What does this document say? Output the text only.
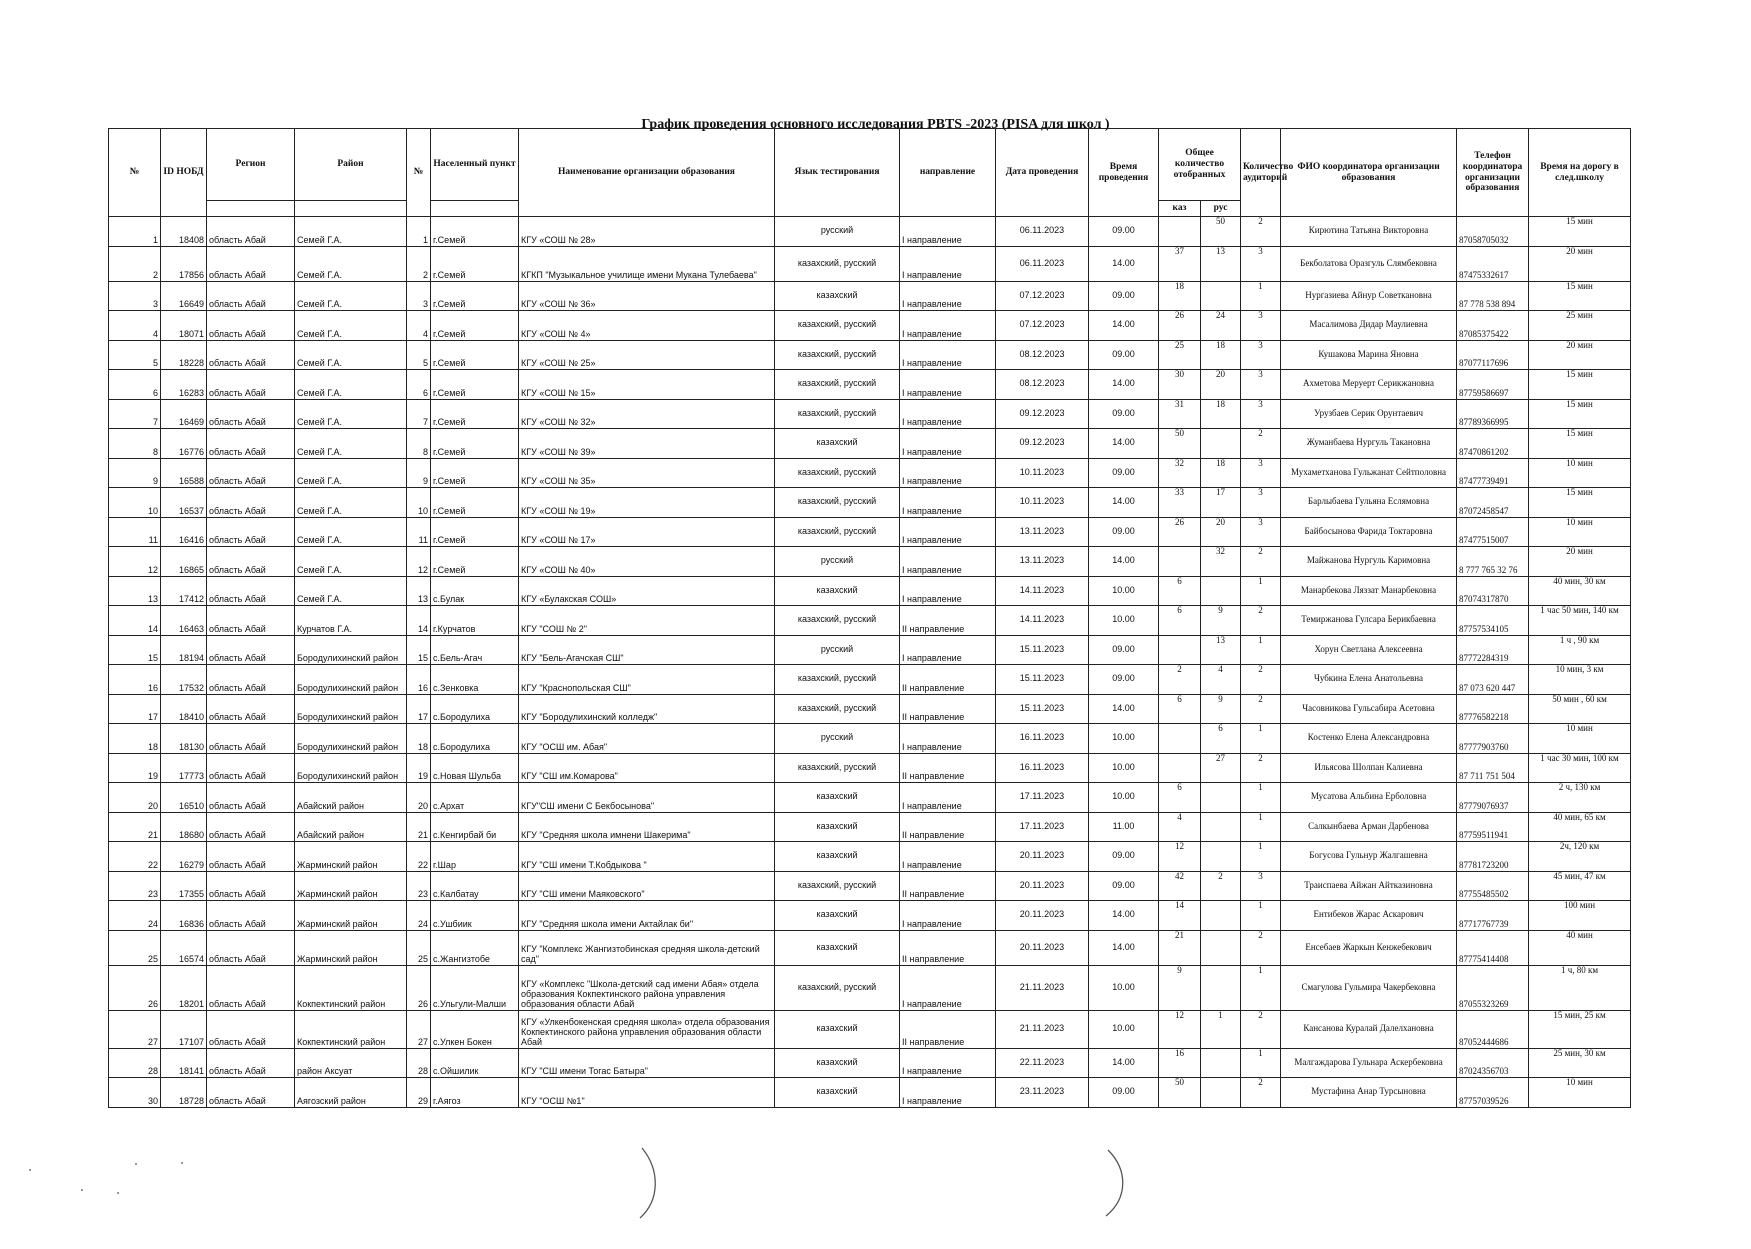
График проведения основного исследования PBTS -2023 (PISA для школ )
№	ID НОБД	Регион	Район	№	Населенный пункт	Наименование организации образования	Язык тестирования	направление	Дата проведения	Время проведения	Общее количество отобранных		Количество аудиторий	ФИО координатора организации образования	Телефон координатора организации образования	Время на дорогу в след.школу
											каз	рус				
1	18408	область Абай	Семей Г.А.	1	г.Семей	КГУ «СОШ № 28»	русский	I направление	06.11.2023	09.00		50	2	Кирютина Татьяна Викторовна	87058705032	15 мин
2	17856	область Абай	Семей Г.А.	2	г.Семей	КГКП "Музыкальное училище имени Мукана Тулебаева"	казахский, русский	I направление	06.11.2023	14.00	37	13	3	Бекболатова Оразгуль Слямбековна	87475332617	20 мин
3	16649	область Абай	Семей Г.А.	3	г.Семей	КГУ «СОШ № 36»	казахский	I направление	07.12.2023	09.00	18		1	Нургазиева Айнур Советкановна	87 778 538 894	15 мин
4	18071	область Абай	Семей Г.А.	4	г.Семей	КГУ «СОШ № 4»	казахский, русский	I направление	07.12.2023	14.00	26	24	3	Масалимова Дидар Маулиевна	87085375422	25 мин
5	18228	область Абай	Семей Г.А.	5	г.Семей	КГУ «СОШ № 25»	казахский, русский	I направление	08.12.2023	09.00	25	18	3	Кушакова Марина Яновна	87077117696	20 мин
6	16283	область Абай	Семей Г.А.	6	г.Семей	КГУ «СОШ № 15»	казахский, русский	I направление	08.12.2023	14.00	30	20	3	Ахметова Меруерт Серикжановна	87759586697	15 мин
7	16469	область Абай	Семей Г.А.	7	г.Семей	КГУ «СОШ № 32»	казахский, русский	I направление	09.12.2023	09.00	31	18	3	Урузбаев Серик Орунтаевич	87789366995	15 мин
8	16776	область Абай	Семей Г.А.	8	г.Семей	КГУ «СОШ № 39»	казахский	I направление	09.12.2023	14.00	50		2	Жуманбаева Нургуль Такановна	87470861202	15 мин
9	16588	область Абай	Семей Г.А.	9	г.Семей	КГУ «СОШ № 35»	казахский, русский	I направление	10.11.2023	09.00	32	18	3	Мухаметханова Гульжанат Сейтполовна	87477739491	10 мин
10	16537	область Абай	Семей Г.А.	10	г.Семей	КГУ «СОШ № 19»	казахский, русский	I направление	10.11.2023	14.00	33	17	3	Барлыбаева Гульяна Еслямовна	87072458547	15 мин
11	16416	область Абай	Семей Г.А.	11	г.Семей	КГУ «СОШ № 17»	казахский, русский	I направление	13.11.2023	09.00	26	20	3	Байбосынова Фарида Токтаровна	87477515007	10 мин
12	16865	область Абай	Семей Г.А.	12	г.Семей	КГУ «СОШ № 40»	русский	I направление	13.11.2023	14.00		32	2	Майжанова Нургуль Каримовна	8 777 765 32 76	20 мин
13	17412	область Абай	Семей Г.А.	13	с.Булак	КГУ «Булакская СОШ»	казахский	I направление	14.11.2023	10.00	6		1	Манарбекова Ляззат Манарбековна	87074317870	40 мин, 30 км
14	16463	область Абай	Курчатов Г.А.	14	г.Курчатов	КГУ "СОШ № 2"	казахский, русский	II направление	14.11.2023	10.00	6	9	2	Темиржанова Гулсара Берикбаевна	87757534105	1 час 50 мин, 140 км
15	18194	область Абай	Бородулихинский район	15	с.Бель-Агач	КГУ "Бель-Агачская СШ"	русский	I направление	15.11.2023	09.00		13	1	Хорун Светлана Алексеевна	87772284319	1 ч , 90 км
16	17532	область Абай	Бородулихинский район	16	с.Зенковка	КГУ "Краснопольская СШ"	казахский, русский	II направление	15.11.2023	09.00	2	4	2	Чубкина Елена Анатольевна	87 073 620 447	10 мин, 3 км
17	18410	область Абай	Бородулихинский район	17	с.Бородулиха	КГУ "Бородулихинский колледж"	казахский, русский	II направление	15.11.2023	14.00	6	9	2	Часовникова Гульсабира Асетовна	87776582218	50 мин , 60 км
18	18130	область Абай	Бородулихинский район	18	с.Бородулиха	КГУ "ОСШ им. Абая"	русский	I направление	16.11.2023	10.00		6	1	Костенко Елена Александровна	87777903760	10 мин
19	17773	область Абай	Бородулихинский район	19	с.Новая Шульба	КГУ "СШ им.Комарова"	казахский, русский	II направление	16.11.2023	10.00		27	2	Ильясова Шолпан Калиевна	87 711 751 504	1 час 30 мин, 100 км
20	16510	область Абай	Абайский район	20	с.Архат	КГУ"СШ имени С Бекбосынова"	казахский	I направление	17.11.2023	10.00	6		1	Мусатова Альбина Ерболовна	87779076937	2 ч, 130 км
21	18680	область Абай	Абайский район	21	с.Кенгирбай би	КГУ "Средняя школа имнени Шакерима"	казахский	II направление	17.11.2023	11.00	4		1	Салкынбаева Арман Дарбенова	87759511941	40 мин, 65 км
22	16279	область Абай	Жарминский район	22	г.Шар	КГУ "СШ имени Т.Кобдыкова "	казахский	I направление	20.11.2023	09.00	12		1	Богусова Гульнур Жалгашевна	87781723200	2ч, 120 км
23	17355	область Абай	Жарминский район	23	с.Калбатау	КГУ "СШ имени Маяковского"	казахский, русский	II направление	20.11.2023	09.00	42	2	3	Траиспаева Айжан Айтказиновна	87755485502	45 мин, 47 км
24	16836	область Абай	Жарминский район	24	с.Ушбиик	КГУ "Средняя школа имени Актайлак би"	казахский	I направление	20.11.2023	14.00	14		1	Ентибеков Жарас Аскарович	87717767739	100 мин
25	16574	область Абай	Жарминский район	25	с.Жангизтобе	КГУ "Комплекс Жангизтобинская средняя школа-детский сад"	казахский	II направление	20.11.2023	14.00	21		2	Енсебаев Жаркын Кенжебекович	87775414408	40 мин
26	18201	область Абай	Кокпектинский район	26	с.Ульгули-Малши	КГУ «Комплекс "Школа-детский сад имени Абая» отдела образования Кокпектинского района управления образования области Абай	казахский, русский	I направление	21.11.2023	10.00	9		1	Смагулова Гульмира Чакербековна	87055323269	1 ч, 80 км
27	17107	область Абай	Кокпектинский район	27	с.Улкен Бокен	КГУ «Улкенбокенская средняя школа» отдела образования Кокпектинского района управления образования области Абай	казахский	II направление	21.11.2023	10.00	12	1	2	Кансанова Куралай Далелхановна	87052444686	15 мин, 25 км
28	18141	область Абай	район Аксуат	28	с.Ойшилик	КГУ "СШ имени Тогас Батыра"	казахский	I направление	22.11.2023	14.00	16		1	Малгаждарова Гульнара Аскербековна	87024356703	25 мин, 30 км
30	18728	область Абай	Аягозский район	29	г.Аягоз	КГУ "ОСШ №1"	казахский	I направление	23.11.2023	09.00	50		2	Мустафина Анар Турсыновна	87757039526	10 мин
